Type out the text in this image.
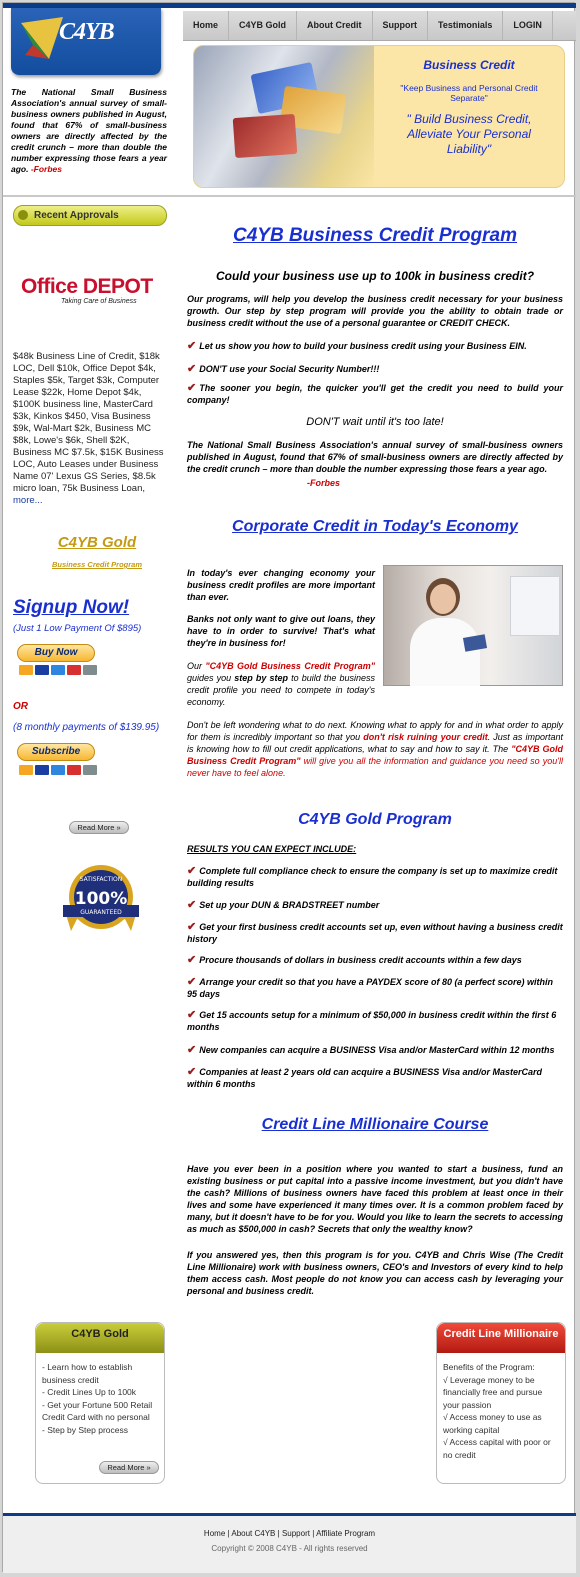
C4YB	Home	C4YB Gold	About Credit	Support	Testimonials	LOGIN
The National Small Business Association's annual survey of small-business owners published in August, found that 67% of small-business owners are directly affected by the credit crunch – more than double the number expressing those fears a year ago. -Forbes
Business Credit
"Keep Business and Personal Credit Separate"
" Build Business Credit, Alleviate Your Personal Liability"
Recent Approvals
Office DEPOT
Taking Care of Business
$48k Business Line of Credit, $18k LOC, Dell $10k, Office Depot $4k, Staples $5k, Target $3k, Computer Lease $22k, Home Depot $4k, $100K business line, MasterCard $3k, Kinkos $450, Visa Business $9k, Wal-Mart $2k, Business MC $8k, Lowe's $6k, Shell $2K, Business MC $7.5k, $15K Business LOC, Auto Leases under Business Name 07' Lexus GS Series, $8.5k micro loan, 75k Business Loan, more...
C4YB Gold
Business Credit Program
Signup Now!
(Just 1 Low Payment Of $895)
Buy Now
OR
(8 monthly payments of $139.95)
Subscribe
Read More »
SATISFACTION
100%
GUARANTEED
C4YB Business Credit Program
Could your business use up to 100k in business credit?
Our programs, will help you develop the business credit necessary for your business growth. Our step by step program will provide you the ability to obtain trade or business credit without the use of a personal guarantee or CREDIT CHECK.
✔ Let us show you how to build your business credit using your Business EIN.
✔ DON'T use your Social Security Number!!!
✔ The sooner you begin, the quicker you'll get the credit you need to build your company!
DON'T wait until it's too late!
The National Small Business Association's annual survey of small-business owners published in August, found that 67% of small-business owners are directly affected by the credit crunch – more than double the number expressing those fears a year ago.
-Forbes
Corporate Credit in Today's Economy
In today's ever changing economy your business credit profiles are more important than ever.
Banks not only want to give out loans, they have to in order to survive! That's what they're in business for!
Our "C4YB Gold Business Credit Program" guides you step by step to build the business credit profile you need to compete in today's economy.
Don't be left wondering what to do next. Knowing what to apply for and in what order to apply for them is incredibly important so that you don't risk ruining your credit. Just as important is knowing how to fill out credit applications, what to say and how to say it. The "C4YB Gold Business Credit Program" will give you all the information and guidance you need so you'll never have to feel alone.
C4YB Gold Program
RESULTS YOU CAN EXPECT INCLUDE:
✔ Complete full compliance check to ensure the company is set up to maximize credit building results
✔ Set up your DUN & BRADSTREET number
✔ Get your first business credit accounts set up, even without having a business credit history
✔ Procure thousands of dollars in business credit accounts within a few days
✔ Arrange your credit so that you have a PAYDEX score of 80 (a perfect score) within 95 days
✔ Get 15 accounts setup for a minimum of $50,000 in business credit within the first 6 months
✔ New companies can acquire a BUSINESS Visa and/or MasterCard within 12 months
✔ Companies at least 2 years old can acquire a BUSINESS Visa and/or MasterCard within 6 months
Credit Line Millionaire Course
Have you ever been in a position where you wanted to start a business, fund an existing business or put capital into a passive income investment, but you didn't have the cash? Millions of business owners have faced this problem at least once in their lives and some have experienced it many times over. It is a common problem faced by many, but it doesn't have to be for you. Would you like to learn the secrets to accessing as much as $500,000 in cash? Secrets that only the wealthy know?
If you answered yes, then this program is for you. C4YB and Chris Wise (The Credit Line Millionaire) work with business owners, CEO's and Investors of every kind to help them access cash. Most people do not know you can access cash by leveraging your personal and business credit.
C4YB Gold
- Learn how to establish business credit
- Credit Lines Up to 100k
- Get your Fortune 500 Retail Credit Card with no personal
- Step by Step process
Read More »
Credit Line Millionaire
Benefits of the Program:
√ Leverage money to be financially free and pursue your passion
√ Access money to use as working capital
√ Access capital with poor or no credit
Home | About C4YB | Support | Affiliate Program
Copyright © 2008 C4YB - All rights reserved
